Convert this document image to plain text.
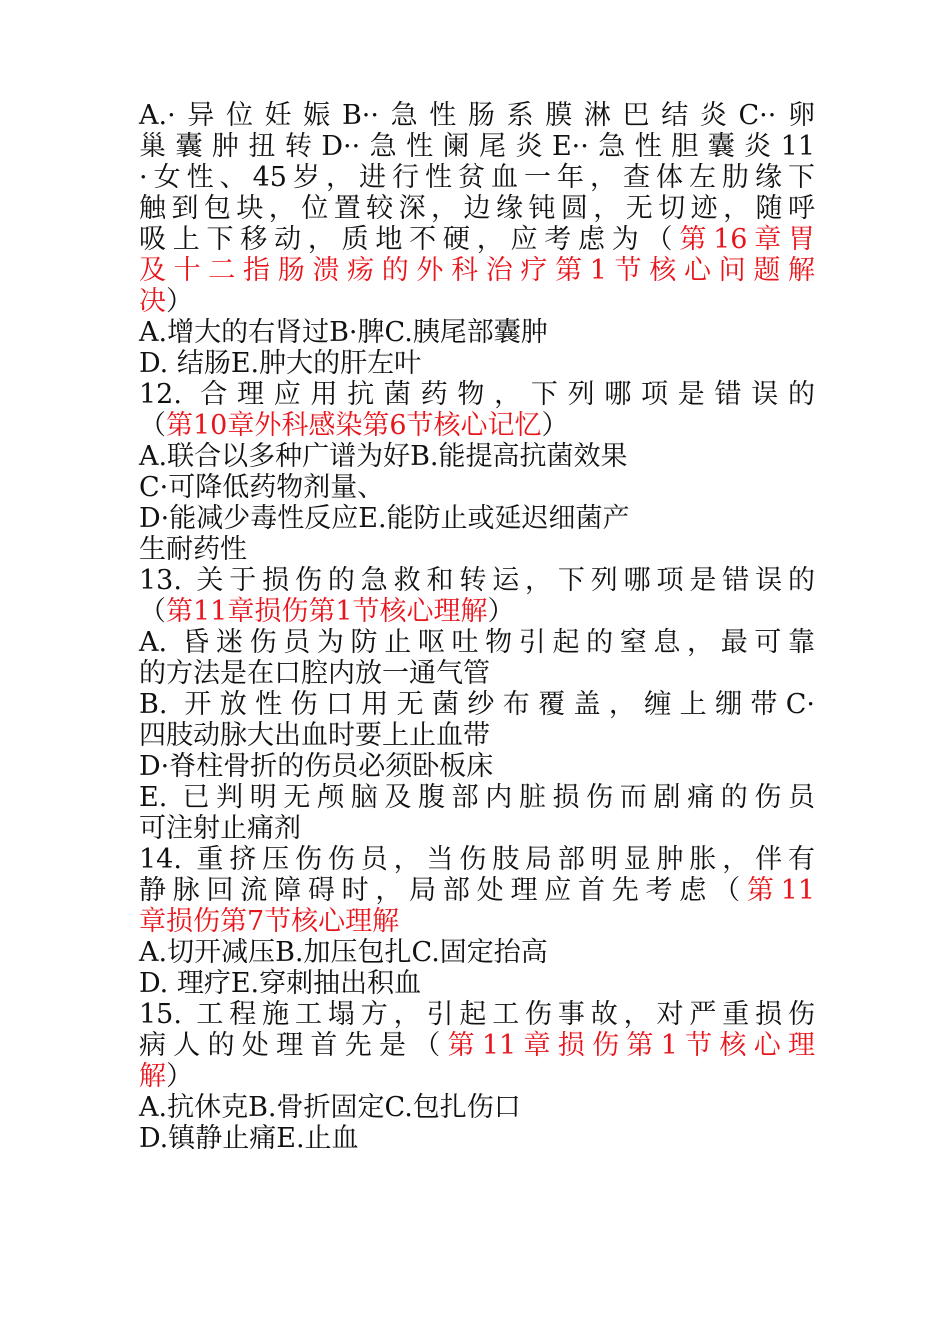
A.·异位妊娠B··急性肠系膜淋巴结炎C··卵
巢囊肿扭转D··急性阑尾炎E··急性胆囊炎11
·女性、45岁，进行性贫血一年，查体左肋缘下
触到包块，位置较深，边缘钝圆，无切迹，随呼
吸上下移动，质地不硬，应考虑为（第16章胃
及十二指肠溃疡的外科治疗第1节核心问题解
决）
A.增大的右肾过B·脾C.胰尾部囊肿
D. 结肠E.肿大的肝左叶
12. 合理应用抗菌药物，下列哪项是错误的
（第10章外科感染第6节核心记忆）
A.联合以多种广谱为好B.能提高抗菌效果
C·可降低药物剂量、
D·能减少毒性反应E.能防止或延迟细菌产
生耐药性
13. 关于损伤的急救和转运，下列哪项是错误的
（第11章损伤第1节核心理解）
A. 昏迷伤员为防止呕吐物引起的窒息，最可靠
的方法是在口腔内放一通气管
B. 开放性伤口用无菌纱布覆盖，缠上绷带C·
四肢动脉大出血时要上止血带
D·脊柱骨折的伤员必须卧板床
E. 已判明无颅脑及腹部内脏损伤而剧痛的伤员
可注射止痛剂
14. 重挤压伤伤员，当伤肢局部明显肿胀，伴有
静脉回流障碍时，局部处理应首先考虑（第11
章损伤第7节核心理解
A.切开减压B.加压包扎C.固定抬高
D. 理疗E.穿刺抽出积血
15. 工程施工塌方，引起工伤事故，对严重损伤
病人的处理首先是（第11章损伤第1节核心理
解）
A.抗休克B.骨折固定C.包扎伤口
D.镇静止痛E.止血
